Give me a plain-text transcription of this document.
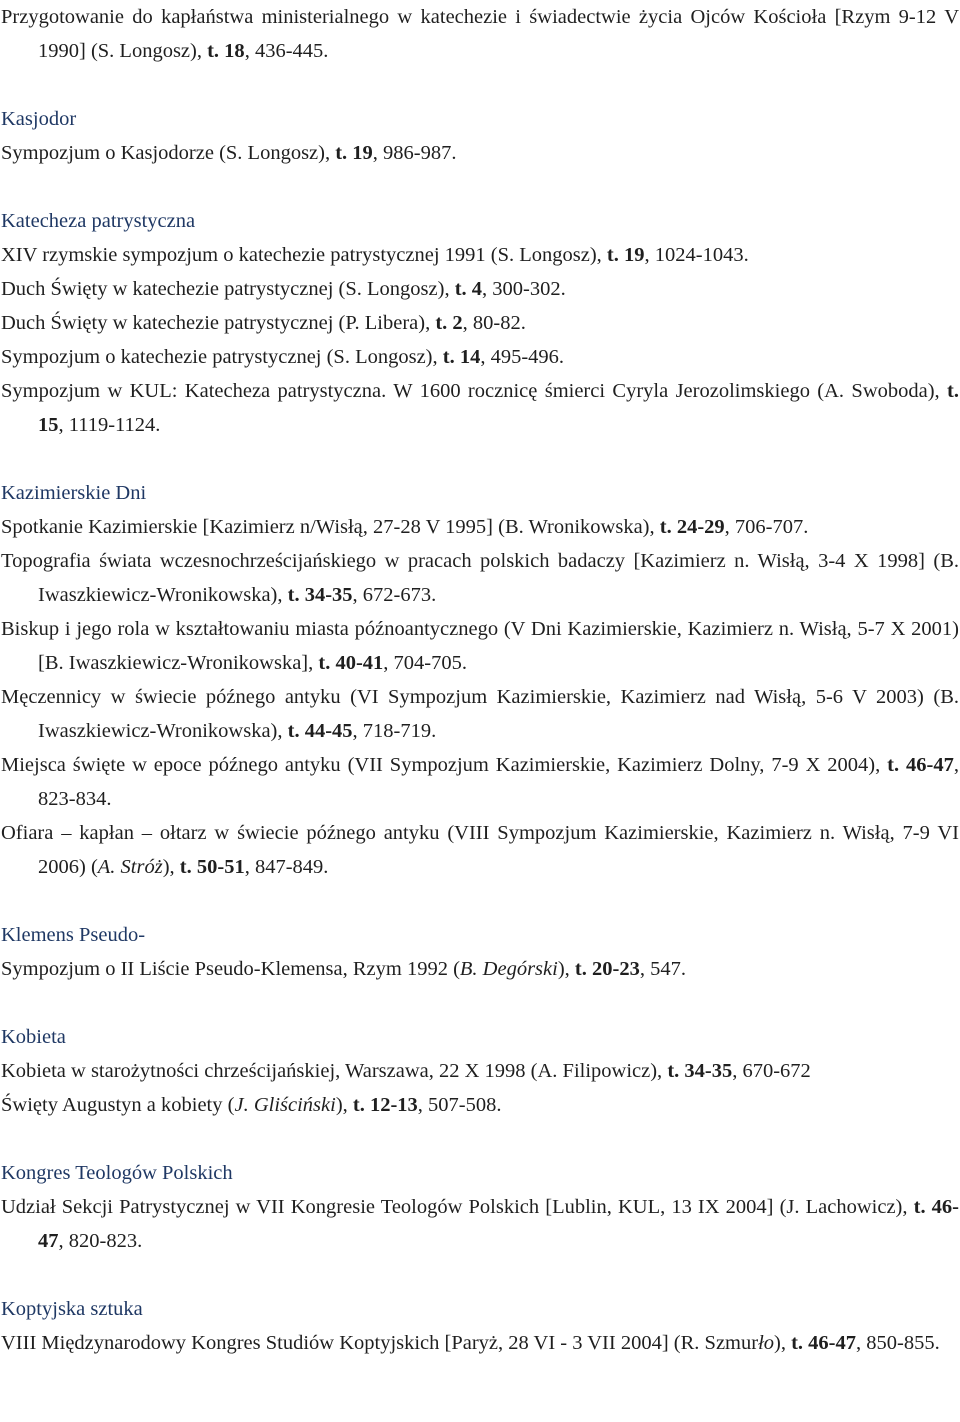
Przygotowanie do kapłaństwa ministerialnego w katechezie i świadectwie życia Ojców Kościoła [Rzym 9-12 V 1990] (S. Longosz), t. 18, 436-445.
Kasjodor
Sympozjum o Kasjodorze (S. Longosz), t. 19, 986-987.
Katecheza patrystyczna
XIV rzymskie sympozjum o katechezie patrystycznej 1991 (S. Longosz), t. 19, 1024-1043.
Duch Święty w katechezie patrystycznej (S. Longosz), t. 4, 300-302.
Duch Święty w katechezie patrystycznej (P. Libera), t. 2, 80-82.
Sympozjum o katechezie patrystycznej (S. Longosz), t. 14, 495-496.
Sympozjum w KUL: Katecheza patrystyczna. W 1600 rocznicę śmierci Cyryla Jerozolimskiego (A. Swoboda), t. 15, 1119-1124.
Kazimierskie Dni
Spotkanie Kazimierskie [Kazimierz n/Wisłą, 27-28 V 1995] (B. Wronikowska), t. 24-29, 706-707.
Topografia świata wczesnochrześcijańskiego w pracach polskich badaczy [Kazimierz n. Wisłą, 3-4 X 1998] (B. Iwaszkiewicz-Wronikowska), t. 34-35, 672-673.
Biskup i jego rola w kształtowaniu miasta późnoantycznego (V Dni Kazimierskie, Kazimierz n. Wisłą, 5-7 X 2001) [B. Iwaszkiewicz-Wronikowska], t. 40-41, 704-705.
Męczennicy w świecie późnego antyku (VI Sympozjum Kazimierskie, Kazimierz nad Wisłą, 5-6 V 2003) (B. Iwaszkiewicz-Wronikowska), t. 44-45, 718-719.
Miejsca święte w epoce późnego antyku (VII Sympozjum Kazimierskie, Kazimierz Dolny, 7-9 X 2004), t. 46-47, 823-834.
Ofiara – kapłan – ołtarz w świecie późnego antyku (VIII Sympozjum Kazimierskie, Kazimierz n. Wisłą, 7-9 VI 2006) (A. Stróż), t. 50-51, 847-849.
Klemens Pseudo-
Sympozjum o II Liście Pseudo-Klemensa, Rzym 1992 (B. Degórski), t. 20-23, 547.
Kobieta
Kobieta w starożytności chrześcijańskiej, Warszawa, 22 X 1998 (A. Filipowicz), t. 34-35, 670-672
Święty Augustyn a kobiety (J. Gliściński), t. 12-13, 507-508.
Kongres Teologów Polskich
Udział Sekcji Patrystycznej w VII Kongresie Teologów Polskich [Lublin, KUL, 13 IX 2004] (J. Lachowicz), t. 46-47, 820-823.
Koptyjska sztuka
VIII Międzynarodowy Kongres Studiów Koptyjskich [Paryż, 28 VI - 3 VII 2004] (R. Szmurło), t. 46-47, 850-855.
